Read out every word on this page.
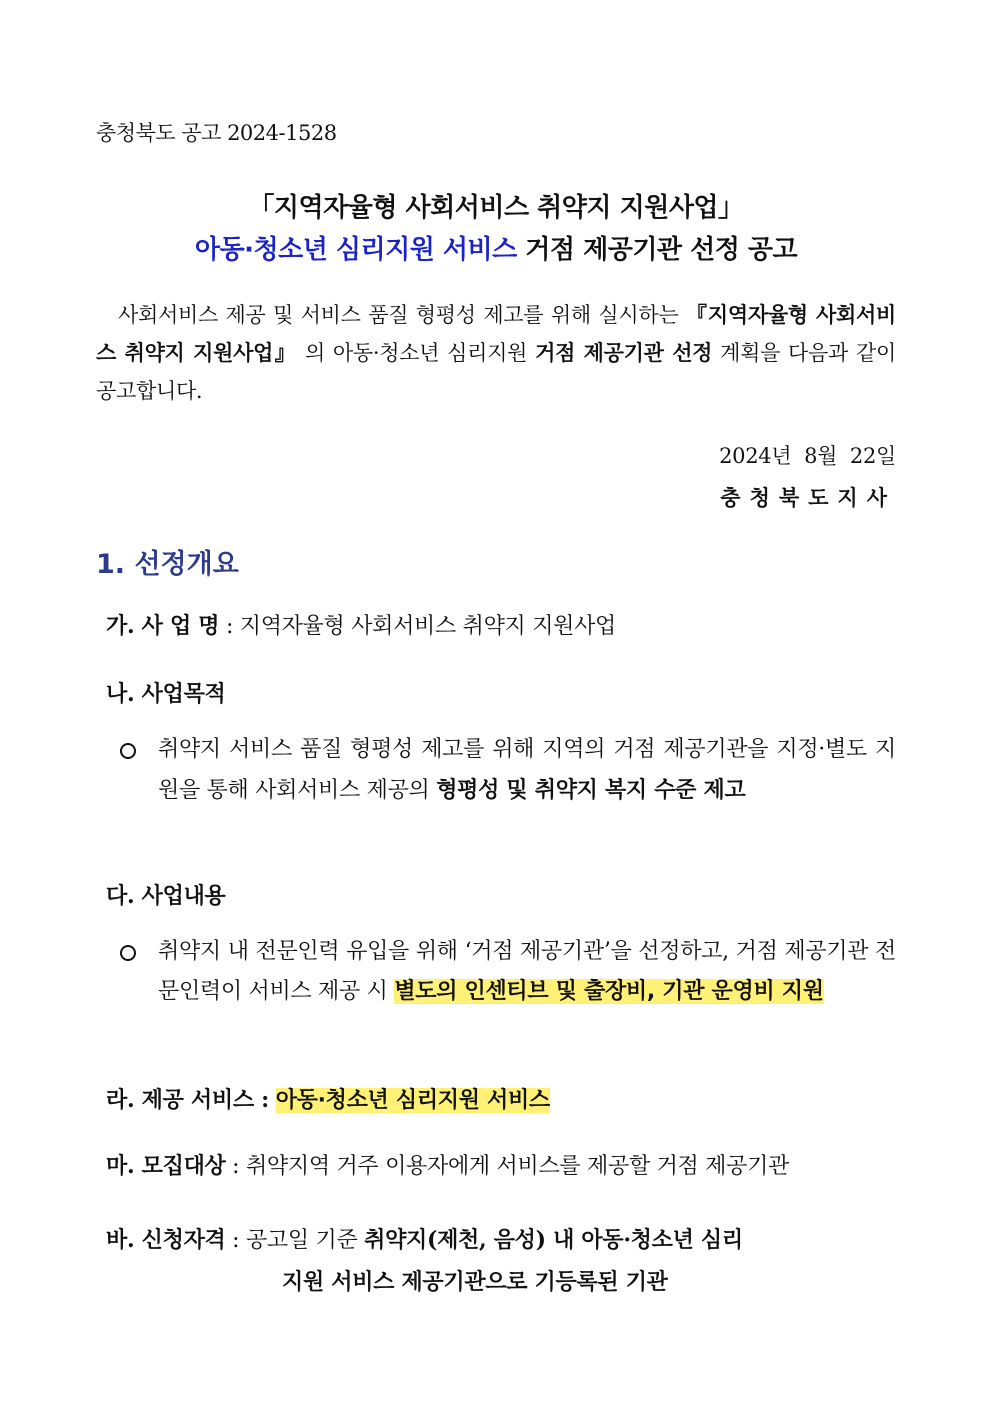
충청북도 공고 2024-1528
「지역자율형 사회서비스 취약지 지원사업」
아동·청소년 심리지원 서비스 거점 제공기관 선정 공고
사회서비스 제공 및 서비스 품질 형평성 제고를 위해 실시하는 『지역자율형 사회서비스 취약지 지원사업』 의 아동·청소년 심리지원 거점 제공기관 선정 계획을 다음과 같이 공고합니다.
2024년  8월  22일
충청북도지사
1. 선정개요
가. 사 업 명 : 지역자율형 사회서비스 취약지 지원사업
나. 사업목적
취약지 서비스 품질 형평성 제고를 위해 지역의 거점 제공기관을 지정·별도 지원을 통해 사회서비스 제공의 형평성 및 취약지 복지 수준 제고
다. 사업내용
취약지 내 전문인력 유입을 위해 ‘거점 제공기관’을 선정하고, 거점 제공기관 전문인력이 서비스 제공 시 별도의 인센티브 및 출장비, 기관 운영비 지원
라. 제공 서비스 : 아동·청소년 심리지원 서비스
마. 모집대상 : 취약지역 거주 이용자에게 서비스를 제공할 거점 제공기관
바. 신청자격 : 공고일 기준 취약지(제천, 음성) 내 아동·청소년 심리
지원 서비스 제공기관으로 기등록된 기관
